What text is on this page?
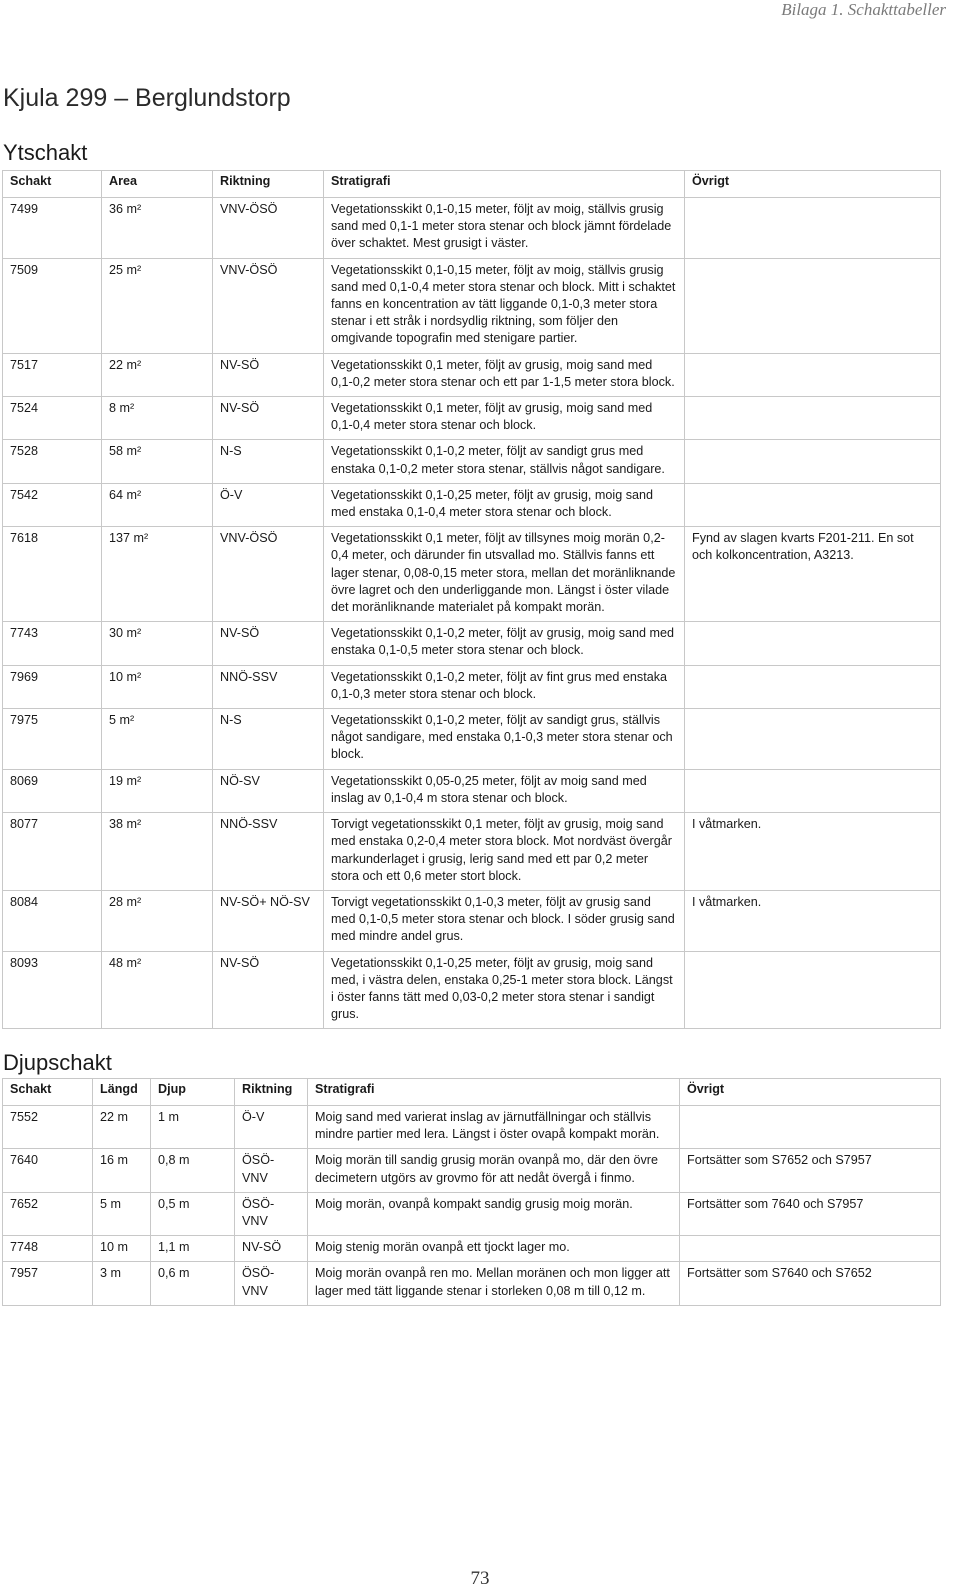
Bilaga 1. Schakttabeller
Kjula 299 – Berglundstorp
Ytschakt
Schakt	Area	Riktning	Stratigrafi	Övrigt
7499	36 m²	VNV-ÖSÖ	Vegetationsskikt 0,1-0,15 meter, följt av moig, ställvis grusig sand med 0,1-1 meter stora stenar och block jämnt fördelade över schaktet. Mest grusigt i väster.	
7509	25 m²	VNV-ÖSÖ	Vegetationsskikt 0,1-0,15 meter, följt av moig, ställvis grusig sand med 0,1-0,4 meter stora stenar och block. Mitt i schaktet fanns en koncentration av tätt liggande 0,1-0,3 meter stora stenar i ett stråk i nordsydlig riktning, som följer den omgivande topografin med stenigare partier.	
7517	22 m²	NV-SÖ	Vegetationsskikt 0,1 meter, följt av grusig, moig sand med 0,1-0,2 meter stora stenar och ett par 1-1,5 meter stora block.	
7524	8 m²	NV-SÖ	Vegetationsskikt 0,1 meter, följt av grusig, moig sand med 0,1-0,4 meter stora stenar och block.	
7528	58 m²	N-S	Vegetationsskikt 0,1-0,2 meter, följt av sandigt grus med enstaka 0,1-0,2 meter stora stenar, ställvis något sandigare.	
7542	64 m²	Ö-V	Vegetationsskikt 0,1-0,25 meter, följt av grusig, moig sand med enstaka 0,1-0,4 meter stora stenar och block.	
7618	137 m²	VNV-ÖSÖ	Vegetationsskikt 0,1 meter, följt av tillsynes moig morän 0,2-0,4 meter, och därunder fin utsvallad mo. Ställvis fanns ett lager stenar, 0,08-0,15 meter stora, mellan det moränliknande övre lagret och den underliggande mon. Längst i öster vilade det moränliknande materialet på kompakt morän.	Fynd av slagen kvarts F201-211. En sot och kolkoncentration, A3213.
7743	30 m²	NV-SÖ	Vegetationsskikt 0,1-0,2 meter, följt av grusig, moig sand med enstaka 0,1-0,5 meter stora stenar och block.	
7969	10 m²	NNÖ-SSV	Vegetationsskikt 0,1-0,2 meter, följt av fint grus med enstaka 0,1-0,3 meter stora stenar och block.	
7975	5 m²	N-S	Vegetationsskikt 0,1-0,2 meter, följt av sandigt grus, ställvis något sandigare, med enstaka 0,1-0,3 meter stora stenar och block.	
8069	19 m²	NÖ-SV	Vegetationsskikt 0,05-0,25 meter, följt av moig sand med inslag av 0,1-0,4 m stora stenar och block.	
8077	38 m²	NNÖ-SSV	Torvigt vegetationsskikt 0,1 meter, följt av grusig, moig sand med enstaka 0,2-0,4 meter stora block. Mot nordväst övergår markunderlaget i grusig, lerig sand med ett par 0,2 meter stora och ett 0,6 meter stort block.	I våtmarken.
8084	28 m²	NV-SÖ+ NÖ-SV	Torvigt vegetationsskikt 0,1-0,3 meter, följt av grusig sand med 0,1-0,5 meter stora stenar och block. I söder grusig sand med mindre andel grus.	I våtmarken.
8093	48 m²	NV-SÖ	Vegetationsskikt 0,1-0,25 meter, följt av grusig, moig sand med, i västra delen, enstaka 0,25-1 meter stora block. Längst i öster fanns tätt med 0,03-0,2 meter stora stenar i sandigt grus.	
Djupschakt
Schakt	Längd	Djup	Riktning	Stratigrafi	Övrigt
7552	22 m	1 m	Ö-V	Moig sand med varierat inslag av järnutfällningar och ställvis mindre partier med lera. Längst i öster ovapå kompakt morän.	
7640	16 m	0,8 m	ÖSÖ-VNV	Moig morän till sandig grusig morän ovanpå mo, där den övre decimetern utgörs av grovmo för att nedåt övergå i finmo.	Fortsätter som S7652 och S7957
7652	5 m	0,5 m	ÖSÖ-VNV	Moig morän, ovanpå kompakt sandig grusig moig morän.	Fortsätter som 7640 och S7957
7748	10 m	1,1 m	NV-SÖ	Moig stenig morän ovanpå ett tjockt lager mo.	
7957	3 m	0,6 m	ÖSÖ-VNV	Moig morän ovanpå ren mo. Mellan moränen och mon ligger att lager med tätt liggande stenar i storleken 0,08 m till 0,12 m.	Fortsätter som S7640 och S7652
73
